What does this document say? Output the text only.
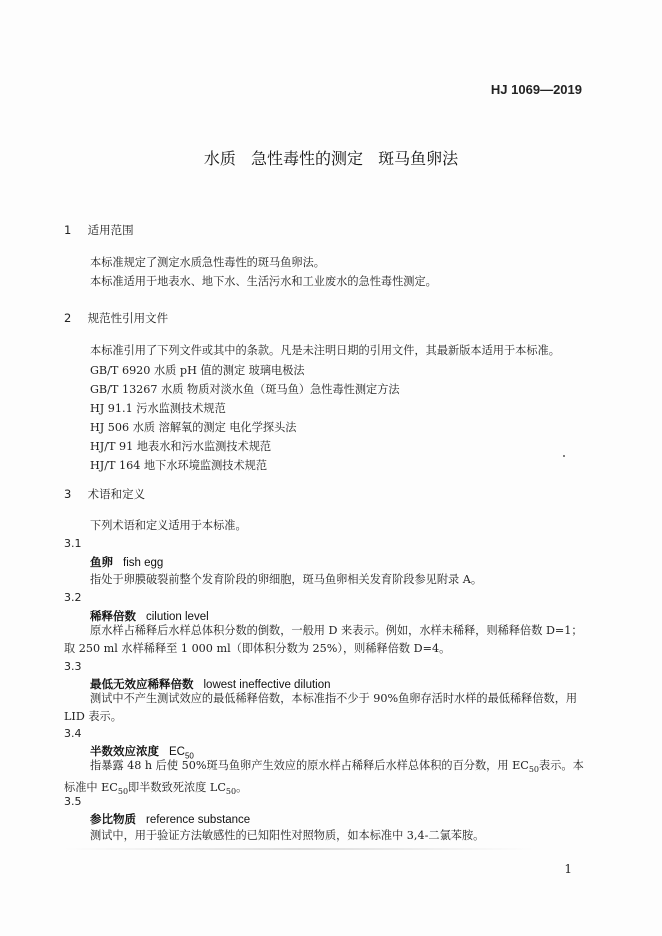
HJ 1069—2019
水质 急性毒性的测定 斑马鱼卵法
1 适用范围
本标准规定了测定水质急性毒性的斑马鱼卵法。
本标准适用于地表水、地下水、生活污水和工业废水的急性毒性测定。
2 规范性引用文件
本标准引用了下列文件或其中的条款。凡是未注明日期的引用文件，其最新版本适用于本标准。
GB/T 6920 水质 pH 值的测定 玻璃电极法
GB/T 13267 水质 物质对淡水鱼（斑马鱼）急性毒性测定方法
HJ 91.1 污水监测技术规范
HJ 506 水质 溶解氧的测定 电化学探头法
HJ/T 91 地表水和污水监测技术规范
HJ/T 164 地下水环境监测技术规范
3 术语和定义
下列术语和定义适用于本标准。
3.1
鱼卵 fish egg
指处于卵膜破裂前整个发育阶段的卵细胞，斑马鱼卵相关发育阶段参见附录 A。
3.2
稀释倍数 cilution level
原水样占稀释后水样总体积分数的倒数，一般用 D 来表示。例如，水样未稀释，则稀释倍数 D=1；取 250 ml 水样稀释至 1 000 ml（即体积分数为 25%），则稀释倍数 D=4。
3.3
最低无效应稀释倍数 lowest ineffective dilution
测试中不产生测试效应的最低稀释倍数，本标准指不少于 90%鱼卵存活时水样的最低稀释倍数，用 LID 表示。
3.4
半数效应浓度 $EC_{50}$
指暴露 48 h 后使 50%斑马鱼卵产生效应的原水样占稀释后水样总体积的百分数，用 $EC_{50}$表示。本标准中 $EC_{50}$即半数致死浓度 $LC_{50}$。
3.5
参比物质 reference substance
测试中，用于验证方法敏感性的已知阳性对照物质，如本标准中 3,4-二氯苯胺。
1
